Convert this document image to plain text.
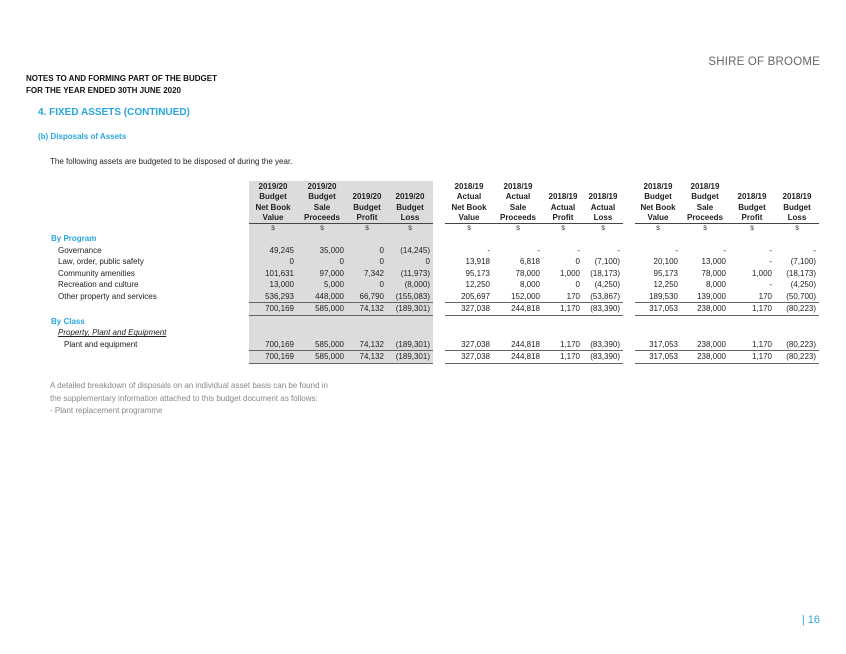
SHIRE OF BROOME
NOTES TO AND FORMING PART OF THE BUDGET
FOR THE YEAR ENDED 30TH JUNE 2020
4. FIXED ASSETS (CONTINUED)
(b) Disposals of Assets
The following assets are budgeted to be disposed of during the year.
	2019/20	2019/20				2018/19	2018/19				2018/19	2018/19		
	Budget	Budget	2019/20	2019/20		Actual	Actual	2018/19	2018/19		Budget	Budget	2018/19	2018/19
	Net Book	Sale	Budget	Budget		Net Book	Sale	Actual	Actual		Net Book	Sale	Budget	Budget
	Value	Proceeds	Profit	Loss		Value	Proceeds	Profit	Loss		Value	Proceeds	Profit	Loss
	$	$	$	$		$	$	$	$		$	$	$	$
By Program														
Governance	49,245	35,000	0	(14,245)		-	-	-	-		-	-	-	-
Law, order, public safety	0	0	0	0		13,918	6,818	0	(7,100)		20,100	13,000	-	(7,100)
Community amenities	101,631	97,000	7,342	(11,973)		95,173	78,000	1,000	(18,173)		95,173	78,000	1,000	(18,173)
Recreation and culture	13,000	5,000	0	(8,000)		12,250	8,000	0	(4,250)		12,250	8,000	-	(4,250)
Other property and services	536,293	448,000	66,790	(155,083)		205,697	152,000	170	(53,867)		189,530	139,000	170	(50,700)
	700,169	585,000	74,132	(189,301)		327,038	244,818	1,170	(83,390)		317,053	238,000	1,170	(80,223)
By Class														
Property, Plant and Equipment														
Plant and equipment	700,169	585,000	74,132	(189,301)		327,038	244,818	1,170	(83,390)		317,053	238,000	1,170	(80,223)
	700,169	585,000	74,132	(189,301)		327,038	244,818	1,170	(83,390)		317,053	238,000	1,170	(80,223)
A detailed breakdown of disposals on an individual asset basis can be found in
the supplementary information attached to this budget document as follows:
- Plant replacement programme
| 16
